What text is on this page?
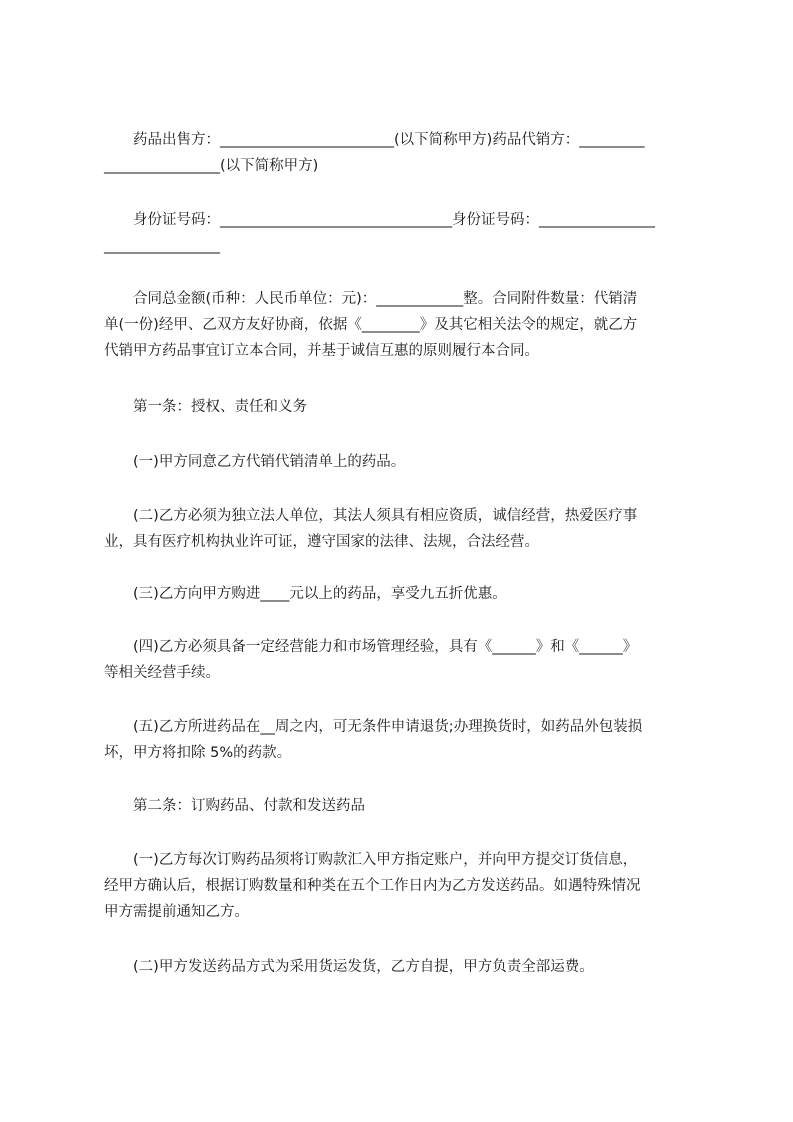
　　药品出售方：________________________(以下简称甲方)药品代销方：_________
________________(以下简称甲方)
　　身份证号码：________________________________身份证号码：________________
________________
　　合同总金额(币种：人民币单位：元)：____________整。合同附件数量：代销清
单(一份)经甲、乙双方友好协商，依据《________》及其它相关法令的规定，就乙方
代销甲方药品事宜订立本合同，并基于诚信互惠的原则履行本合同。
　　第一条：授权、责任和义务
　　(一)甲方同意乙方代销代销清单上的药品。
　　(二)乙方必须为独立法人单位，其法人须具有相应资质，诚信经营，热爱医疗事
业，具有医疗机构执业许可证，遵守国家的法律、法规，合法经营。
　　(三)乙方向甲方购进____元以上的药品，享受九五折优惠。
　　(四)乙方必须具备一定经营能力和市场管理经验，具有《______》和《______》
等相关经营手续。
　　(五)乙方所进药品在__周之内，可无条件申请退货;办理换货时，如药品外包装损
坏，甲方将扣除 5%的药款。
　　第二条：订购药品、付款和发送药品
　　(一)乙方每次订购药品须将订购款汇入甲方指定账户，并向甲方提交订货信息，
经甲方确认后，根据订购数量和种类在五个工作日内为乙方发送药品。如遇特殊情况
甲方需提前通知乙方。
　　(二)甲方发送药品方式为采用货运发货，乙方自提，甲方负责全部运费。
